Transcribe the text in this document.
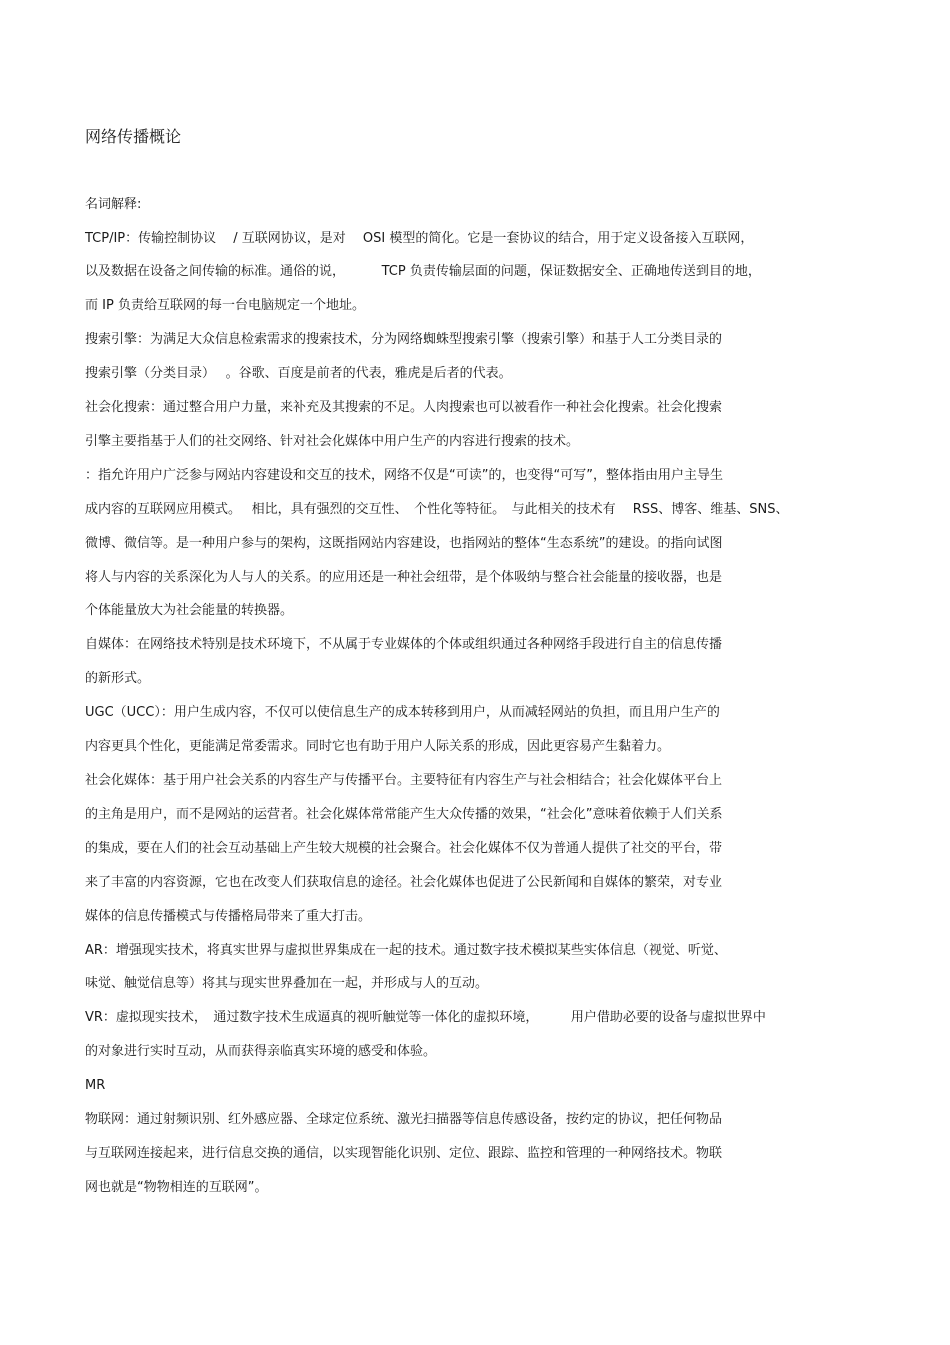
网络传播概论
名词解释:
TCP/IP：传输控制协议　 / 互联网协议，是对　 OSI 模型的简化。它是一套协议的结合，用于定义设备接入互联网，
以及数据在设备之间传输的标准。通俗的说，　　　 TCP 负责传输层面的问题，保证数据安全、正确地传送到目的地，
而 IP 负责给互联网的每一台电脑规定一个地址。
搜索引擎：为满足大众信息检索需求的搜索技术，分为网络蜘蛛型搜索引擎（搜索引擎）和基于人工分类目录的
搜索引擎（分类目录）　 。谷歌、百度是前者的代表，雅虎是后者的代表。
社会化搜索：通过整合用户力量，来补充及其搜索的不足。人肉搜索也可以被看作一种社会化搜索。社会化搜索
引擎主要指基于人们的社交网络、针对社会化媒体中用户生产的内容进行搜索的技术。
：指允许用户广泛参与网站内容建设和交互的技术，网络不仅是“可读”的，也变得“可写”，整体指由用户主导生
成内容的互联网应用模式。　 相比，具有强烈的交互性、　个性化等特征。　与此相关的技术有　 RSS、博客、维基、SNS、
微博、微信等。是一种用户参与的架构，这既指网站内容建设，也指网站的整体“生态系统”的建设。的指向试图
将人与内容的关系深化为人与人的关系。的应用还是一种社会纽带，是个体吸纳与整合社会能量的接收器，也是
个体能量放大为社会能量的转换器。
自媒体：在网络技术特别是技术环境下，不从属于专业媒体的个体或组织通过各种网络手段进行自主的信息传播
的新形式。
UGC（UCC）：用户生成内容，不仅可以使信息生产的成本转移到用户，从而减轻网站的负担，而且用户生产的
内容更具个性化，更能满足常委需求。同时它也有助于用户人际关系的形成，因此更容易产生黏着力。
社会化媒体：基于用户社会关系的内容生产与传播平台。主要特征有内容生产与社会相结合；社会化媒体平台上
的主角是用户，而不是网站的运营者。社会化媒体常常能产生大众传播的效果，“社会化”意味着依赖于人们关系
的集成，要在人们的社会互动基础上产生较大规模的社会聚合。社会化媒体不仅为普通人提供了社交的平台，带
来了丰富的内容资源，它也在改变人们获取信息的途径。社会化媒体也促进了公民新闻和自媒体的繁荣，对专业
媒体的信息传播模式与传播格局带来了重大打击。
AR：增强现实技术，将真实世界与虚拟世界集成在一起的技术。通过数字技术模拟某些实体信息（视觉、听觉、
味觉、触觉信息等）将其与现实世界叠加在一起，并形成与人的互动。
VR：虚拟现实技术，　通过数字技术生成逼真的视听触觉等一体化的虚拟环境，　　　用户借助必要的设备与虚拟世界中
的对象进行实时互动，从而获得亲临真实环境的感受和体验。
MR
物联网：通过射频识别、红外感应器、全球定位系统、激光扫描器等信息传感设备，按约定的协议，把任何物品
与互联网连接起来，进行信息交换的通信，以实现智能化识别、定位、跟踪、监控和管理的一种网络技术。物联
网也就是“物物相连的互联网”。
